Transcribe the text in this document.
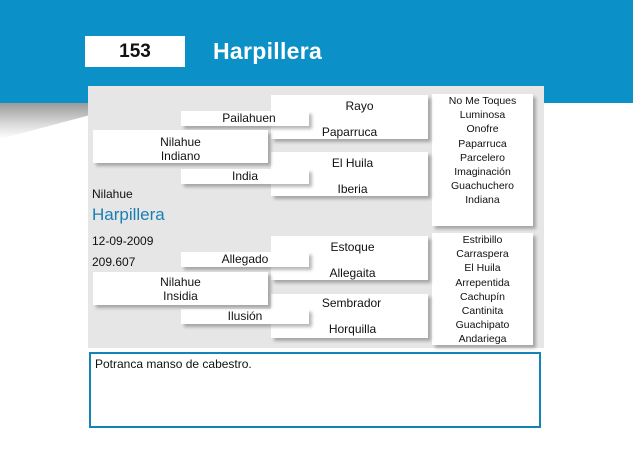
153	Harpillera
No Me Toques
Luminosa
Onofre
Paparruca
Parcelero
Imaginación
Guachuchero
Indiana
Estribillo
Carraspera
El Huila
Arrepentida
Cachupín
Cantinita
Guachipato
Andariega
Rayo
Paparruca
El Huila
Iberia
Estoque
Allegaita
Sembrador
Horquilla
Pailahuen
India
Allegado
Ilusión
Nilahue
Indiano
Nilahue
Insidia
Nilahue
Harpillera
12-09-2009
209.607
Potranca manso de cabestro.
